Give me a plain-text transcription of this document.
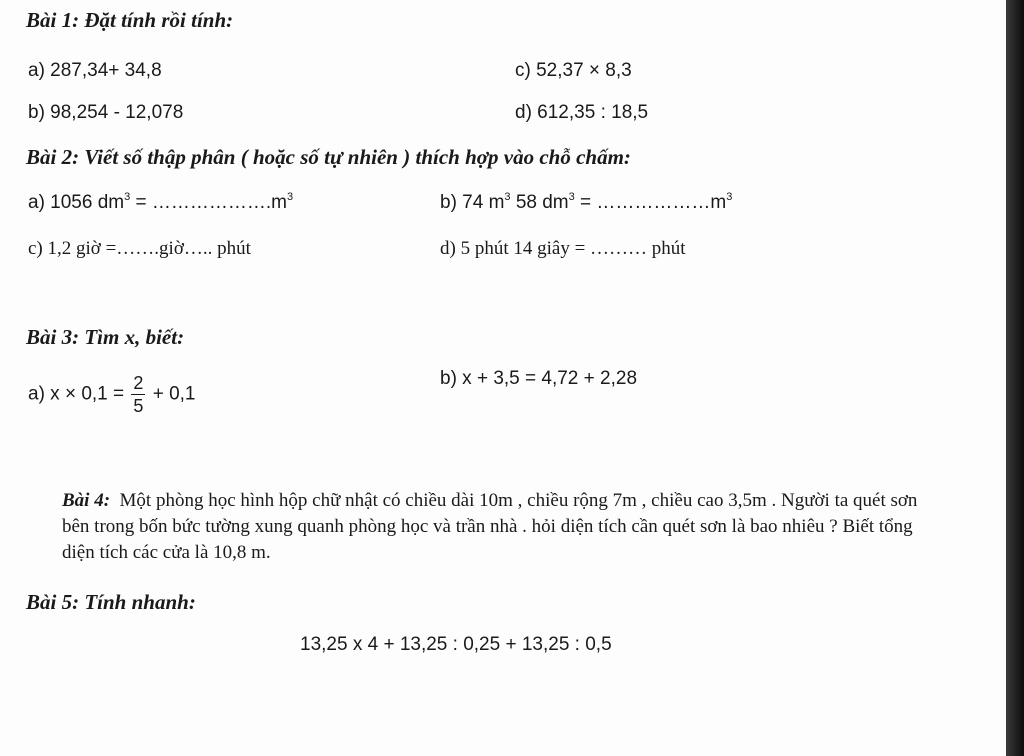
Bài 1: Đặt tính rồi tính:
a) 287,34+ 34,8	c) 52,37 × 8,3
b) 98,254 - 12,078	d) 612,35 : 18,5
Bài 2: Viết số thập phân ( hoặc số tự nhiên ) thích hợp vào chỗ chấm:
a) 1056 $dm^3$ = $\dots\dots\dots\dots\dots\dots.m^3$	b) 74 $m^3$ 58 $dm^3$ = $\dots\dots\dots\dots\dots\dots m^3$
c) 1,2 giờ =…….giờ….. phút	d) 5 phút 14 giây = ……… phút
Bài 3: Tìm x, biết:
a) $x \times 0,1 = \frac{2}{5} + 0,1$
b) x + 3,5 = 4,72 + 2,28
Bài 4: Một phòng học hình hộp chữ nhật có chiều dài 10m , chiều rộng 7m , chiều cao 3,5m . Người ta quét sơn bên trong bốn bức tường xung quanh phòng học và trần nhà . hỏi diện tích cần quét sơn là bao nhiêu ? Biết tổng diện tích các cửa là 10,8 m.
Bài 5: Tính nhanh:
13,25 x 4 + 13,25 : 0,25 + 13,25 : 0,5
